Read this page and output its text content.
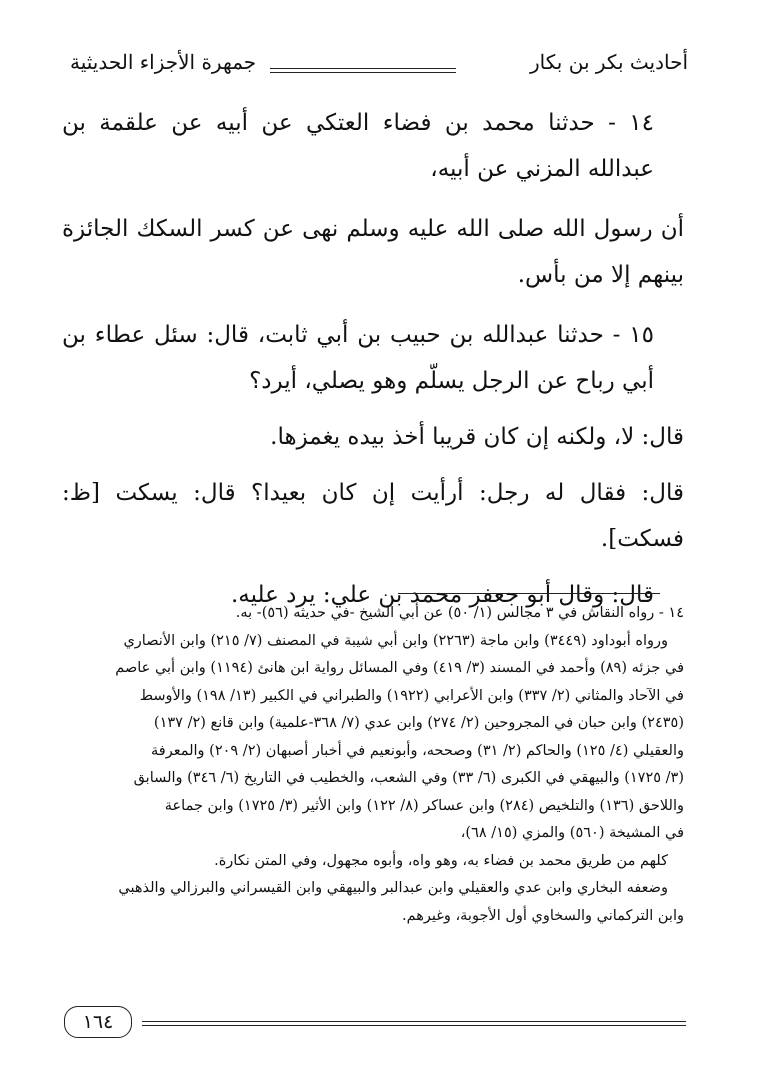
أحاديث بكر بن بكار
جمهرة الأجزاء الحديثية

١٤ - حدثنا محمد بن فضاء العتكي عن أبيه عن علقمة بن عبدالله المزني عن أبيه،

أن رسول الله صلى الله عليه وسلم نهى عن كسر السكك الجائزة بينهم إلا من بأس.

١٥ - حدثنا عبدالله بن حبيب بن أبي ثابت، قال: سئل عطاء بن أبي رباح عن الرجل يسلّم وهو يصلي، أيرد؟

قال: لا، ولكنه إن كان قريبا أخذ بيده يغمزها.

قال: فقال له رجل: أرأيت إن كان بعيدا؟ قال: يسكت [ظ: فسكت].

قال: وقال أبو جعفر محمد بن علي: يرد عليه.

١٤ - رواه النقاش في ٣ مجالس (١/ ٥٠) عن أبي الشيخ -في حديثه (٥٦)- به.

ورواه أبوداود (٣٤٤٩) وابن ماجة (٢٢٦٣) وابن أبي شيبة في المصنف (٧/ ٢١٥) وابن الأنصاري

في جزئه (٨٩) وأحمد في المسند (٣/ ٤١٩) وفي المسائل رواية ابن هانئ (١١٩٤) وابن أبي عاصم

في الآحاد والمثاني (٢/ ٣٣٧) وابن الأعرابي (١٩٢٢) والطبراني في الكبير (١٣/ ١٩٨) والأوسط

(٢٤٣٥) وابن حبان في المجروحين (٢/ ٢٧٤) وابن عدي (٧/ ٣٦٨-علمية) وابن قانع (٢/ ١٣٧)

والعقيلي (٤/ ١٢٥) والحاكم (٢/ ٣١) وصححه، وأبونعيم في أخبار أصبهان (٢/ ٢٠٩) والمعرفة

(٣/ ١٧٢٥) والبيهقي في الكبرى (٦/ ٣٣) وفي الشعب، والخطيب في التاريخ (٦/ ٣٤٦) والسابق

واللاحق (١٣٦) والتلخيص (٢٨٤) وابن عساكر (٨/ ١٢٢) وابن الأثير (٣/ ١٧٢٥) وابن جماعة

في المشيخة (٥٦٠) والمزي (١٥/ ٦٨)،

كلهم من طريق محمد بن فضاء به، وهو واه، وأبوه مجهول، وفي المتن نكارة.

وضعفه البخاري وابن عدي والعقيلي وابن عبدالبر والبيهقي وابن القيسراني والبرزالي والذهبي

وابن التركماني والسخاوي أول الأجوبة، وغيرهم.

١٦٤
